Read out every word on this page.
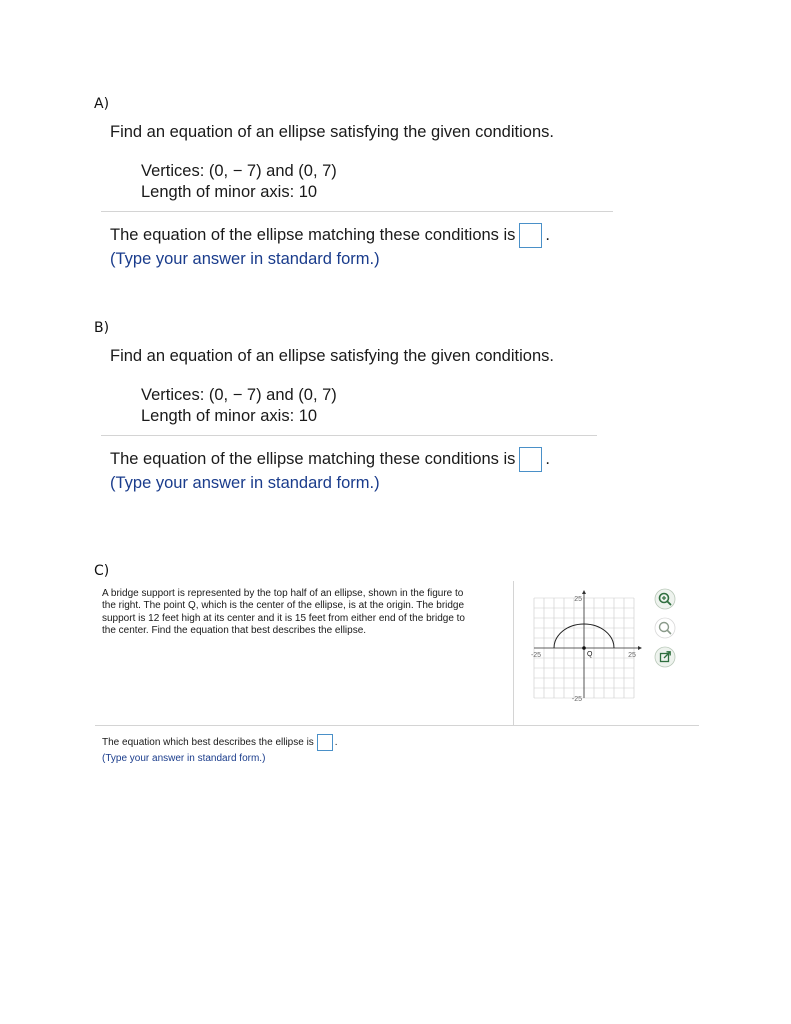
A)
Find an equation of an ellipse satisfying the given conditions.
Vertices: (0, − 7) and (0, 7)
Length of minor axis: 10
The equation of the ellipse matching these conditions is .
(Type your answer in standard form.)
B)
Find an equation of an ellipse satisfying the given conditions.
Vertices: (0, − 7) and (0, 7)
Length of minor axis: 10
The equation of the ellipse matching these conditions is .
(Type your answer in standard form.)
C)
A bridge support is represented by the top half of an ellipse, shown in the figure to
the right. The point Q, which is the center of the ellipse, is at the origin. The bridge
support is 12 feet high at its center and it is 15 feet from either end of the bridge to
the center. Find the equation that best describes the ellipse.
25
-25
-25	25
Q
The equation which best describes the ellipse is .
(Type your answer in standard form.)
